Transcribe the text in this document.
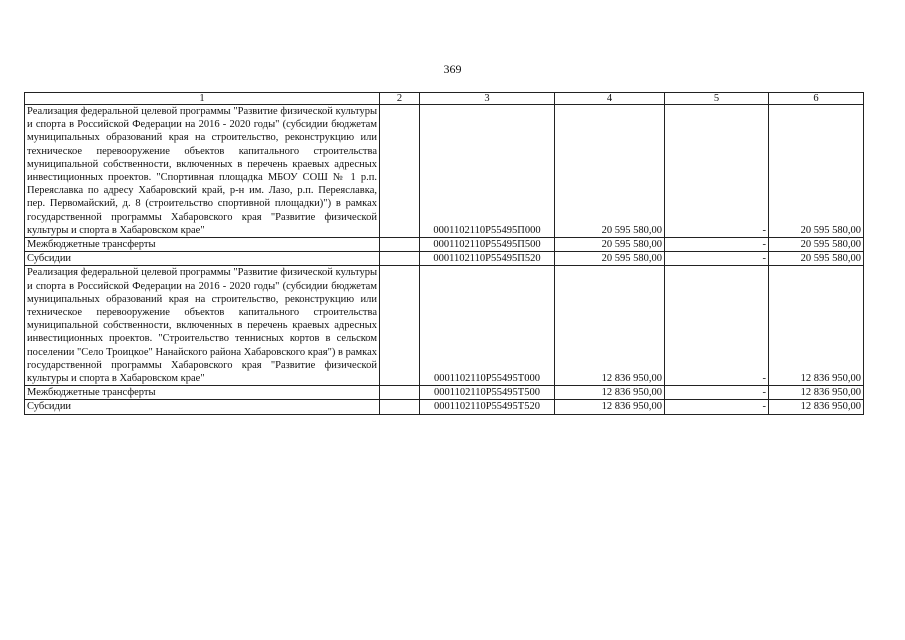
369
1	2	3	4	5	6
Реализация федеральной целевой программы "Развитие физической культуры и спорта в Российской Федерации на 2016 - 2020 годы" (субсидии бюджетам муниципальных образований края на строительство, реконструкцию или техническое перевооружение объектов капитального строительства муниципальной собственности, включенных в перечень краевых адресных инвестиционных проектов. "Спортивная площадка МБОУ СОШ № 1 р.п. Переяславка по адресу Хабаровский край, р-н им. Лазо, р.п. Переяславка, пер. Первомайский, д. 8 (строительство спортивной площадки)") в рамках государственной программы Хабаровского края "Развитие физической культуры и спорта в Хабаровском крае"		0001102110Р55495П000	20 595 580,00	-	20 595 580,00
Межбюджетные трансферты		0001102110Р55495П500	20 595 580,00	-	20 595 580,00
Субсидии		0001102110Р55495П520	20 595 580,00	-	20 595 580,00
Реализация федеральной целевой программы "Развитие физической культуры и спорта в Российской Федерации на 2016 - 2020 годы" (субсидии бюджетам муниципальных образований края на строительство, реконструкцию или техническое перевооружение объектов капитального строительства муниципальной собственности, включенных в перечень краевых адресных инвестиционных проектов. "Строительство теннисных кортов в сельском поселении "Село Троицкое" Нанайского района Хабаровского края") в рамках государственной программы Хабаровского края "Развитие физической культуры и спорта в Хабаровском крае"		0001102110Р55495Т000	12 836 950,00	-	12 836 950,00
Межбюджетные трансферты		0001102110Р55495Т500	12 836 950,00	-	12 836 950,00
Субсидии		0001102110Р55495Т520	12 836 950,00	-	12 836 950,00
